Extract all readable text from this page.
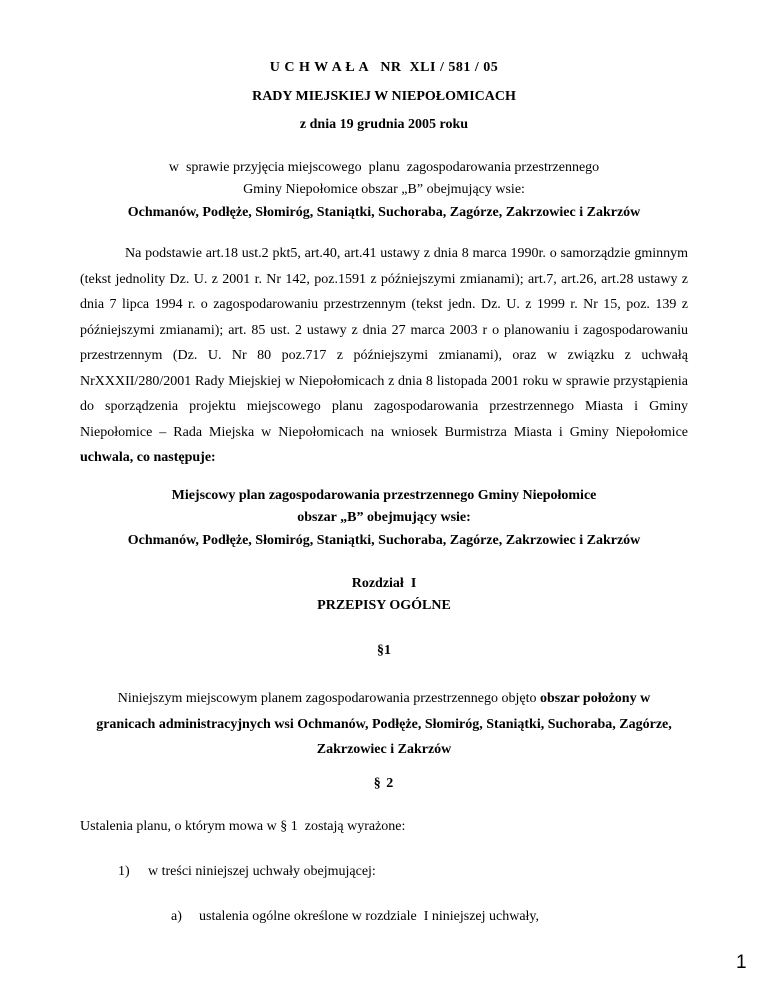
U C H W A Ł A   NR  XLI / 581 / 05
RADY MIEJSKIEJ W NIEPOŁOMICACH
z dnia 19 grudnia 2005 roku
w  sprawie przyjęcia miejscowego  planu  zagospodarowania przestrzennego
Gminy Niepołomice obszar „B” obejmujący wsie:
Ochmanów, Podłęże, Słomiróg, Staniątki, Suchoraba, Zagórze, Zakrzowiec i Zakrzów
Na podstawie art.18 ust.2 pkt5, art.40, art.41 ustawy z dnia 8 marca 1990r. o samorządzie gminnym (tekst jednolity Dz. U. z 2001 r. Nr 142, poz.1591 z późniejszymi zmianami); art.7, art.26, art.28 ustawy z dnia 7 lipca 1994 r. o zagospodarowaniu przestrzennym (tekst jedn. Dz. U. z 1999 r. Nr 15, poz. 139 z późniejszymi zmianami); art. 85 ust. 2 ustawy z dnia 27 marca 2003 r o planowaniu i zagospodarowaniu przestrzennym (Dz. U. Nr 80 poz.717 z późniejszymi zmianami), oraz w związku z uchwałą NrXXXII/280/2001 Rady Miejskiej w Niepołomicach z dnia 8 listopada 2001 roku w sprawie przystąpienia do sporządzenia projektu miejscowego planu zagospodarowania przestrzennego Miasta i Gminy Niepołomice – Rada Miejska w Niepołomicach na wniosek Burmistrza Miasta i Gminy Niepołomice uchwala, co następuje:
Miejscowy plan zagospodarowania przestrzennego Gminy Niepołomice
obszar „B” obejmujący wsie:
Ochmanów, Podłęże, Słomiróg, Staniątki, Suchoraba, Zagórze, Zakrzowiec i Zakrzów
Rozdział  I
PRZEPISY OGÓLNE
§1
Niniejszym miejscowym planem zagospodarowania przestrzennego objęto obszar położony w granicach administracyjnych wsi Ochmanów, Podłęże, Słomiróg, Staniątki, Suchoraba, Zagórze, Zakrzowiec i Zakrzów
§ 2
Ustalenia planu, o którym mowa w § 1  zostają wyrażone:
1) w treści niniejszej uchwały obejmującej:
a) ustalenia ogólne określone w rozdziale  I niniejszej uchwały,
1
